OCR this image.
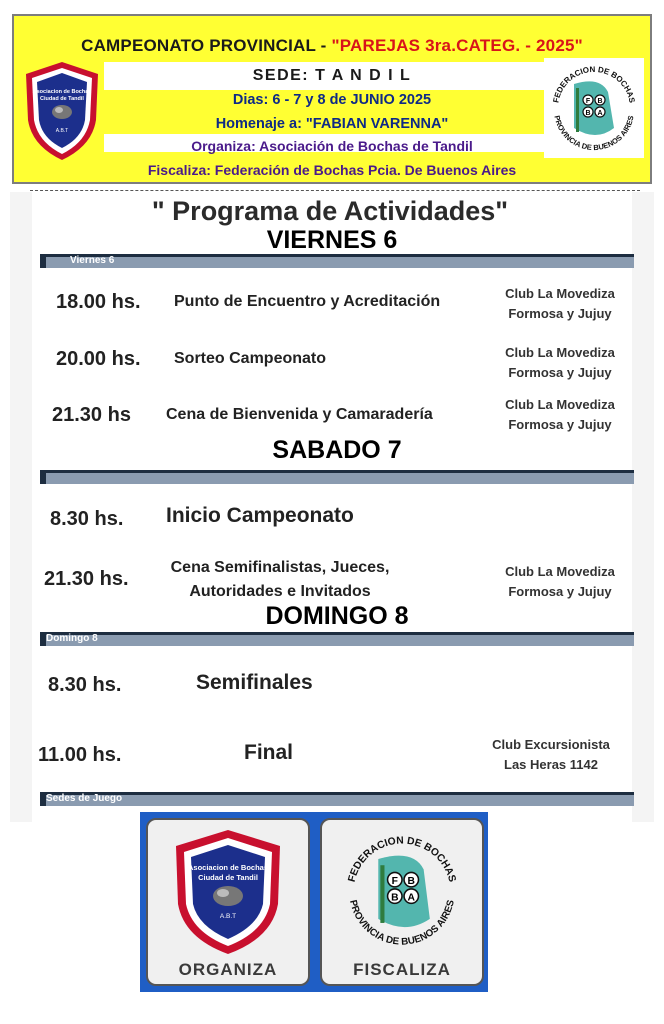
CAMPEONATO PROVINCIAL - "PAREJAS 3ra.CATEG. - 2025"
SEDE: T A N D I L
Dias: 6 - 7 y 8 de JUNIO 2025
Homenaje a: "FABIAN VARENNA"
Organiza: Asociación de Bochas de Tandil
Fiscaliza: Federación de Bochas Pcia. De Buenos Aires
Asociacion de Bochas
Ciudad de Tandil
A.B.T
F B
B A
FEDERACION DE BOCHAS
PROVINCIA DE BUENOS AIRES
" Programa de Actividades"
VIERNES 6
Viernes 6
18.00 hs. Punto de Encuentro y Acreditación	Club La Movediza
Formosa y Jujuy
20.00 hs. Sorteo Campeonato	Club La Movediza
Formosa y Jujuy
21.30 hs Cena de Bienvenida y Camaradería
Club La Movediza
Formosa y Jujuy
SABADO 7
8.30 hs. Inicio Campeonato
21.30 hs.
Cena Semifinalistas, Jueces,
Autoridades e Invitados
Club La Movediza
Formosa y Jujuy
DOMINGO 8
Domingo 8
8.30 hs.	Semifinales
11.00 hs.	Final	Club Excursionista
Las Heras 1142
Sedes de Juego
Asociacion de Bochas
Ciudad de Tandil
A.B.T
ORGANIZA
F B
B A
FEDERACION DE BOCHAS
PROVINCIA DE BUENOS AIRES
FISCALIZA
